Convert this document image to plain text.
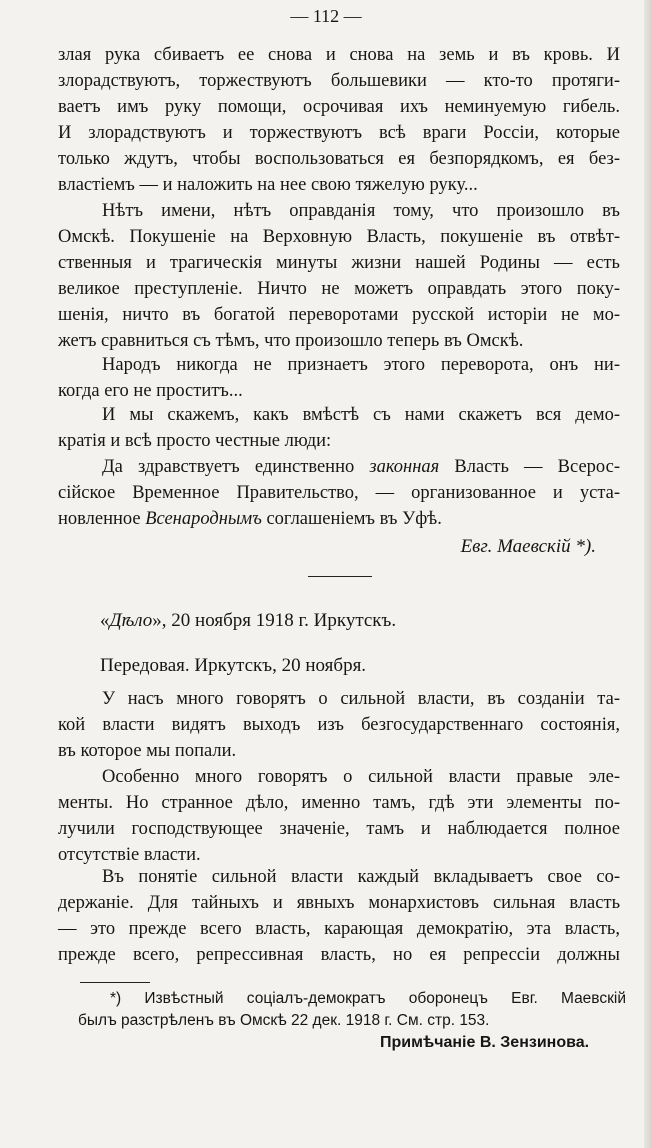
— 112 —
злая рука сбиваетъ ее снова и снова на земь и въ кровь. И
злорадствуютъ, торжествуютъ большевики — кто-то протяги-
ваетъ имъ руку помощи, осрочивая ихъ неминуемую гибель.
И злорадствуютъ и торжествуютъ всѣ враги Россіи, которые
только ждутъ, чтобы воспользоваться ея безпорядкомъ, ея без-
властіемъ — и наложить на нее свою тяжелую руку...
Нѣтъ имени, нѣтъ оправданія тому, что произошло въ
Омскѣ. Покушеніе на Верховную Власть, покушеніе въ отвѣт-
ственныя и трагическія минуты жизни нашей Родины — есть
великое преступленіе. Ничто не можетъ оправдать этого поку-
шенія, ничто въ богатой переворотами русской исторіи не мо-
жетъ сравниться съ тѣмъ, что произошло теперь въ Омскѣ.
Народъ никогда не признаетъ этого переворота, онъ ни-
когда его не проститъ...
И мы скажемъ, какъ вмѣстѣ съ нами скажетъ вся демо-
кратія и всѣ просто честные люди:
Да здравствуетъ единственно законная Власть — Всерос-
сійское Временное Правительство, — организованное и уста-
новленное Всенароднымъ соглашеніемъ въ Уфѣ.
Евг. Маевскій *).
«Дѣло», 20 ноября 1918 г. Иркутскъ.
Передовая. Иркутскъ, 20 ноября.
У насъ много говорятъ о сильной власти, въ созданіи та-
кой власти видятъ выходъ изъ безгосударственнаго состоянія,
въ которое мы попали.
Особенно много говорятъ о сильной власти правые эле-
менты. Но странное дѣло, именно тамъ, гдѣ эти элементы по-
лучили господствующее значеніе, тамъ и наблюдается полное
отсутствіе власти.
Въ понятіе сильной власти каждый вкладываетъ свое со-
держаніе. Для тайныхъ и явныхъ монархистовъ сильная власть
— это прежде всего власть, карающая демократію, эта власть,
прежде всего, репрессивная власть, но ея репрессіи должны
*) Извѣстный соціалъ-демократъ оборонецъ Евг. Маевскій
былъ разстрѣленъ въ Омскѣ 22 дек. 1918 г. См. стр. 153.
Примѣчаніе В. Зензинова.
